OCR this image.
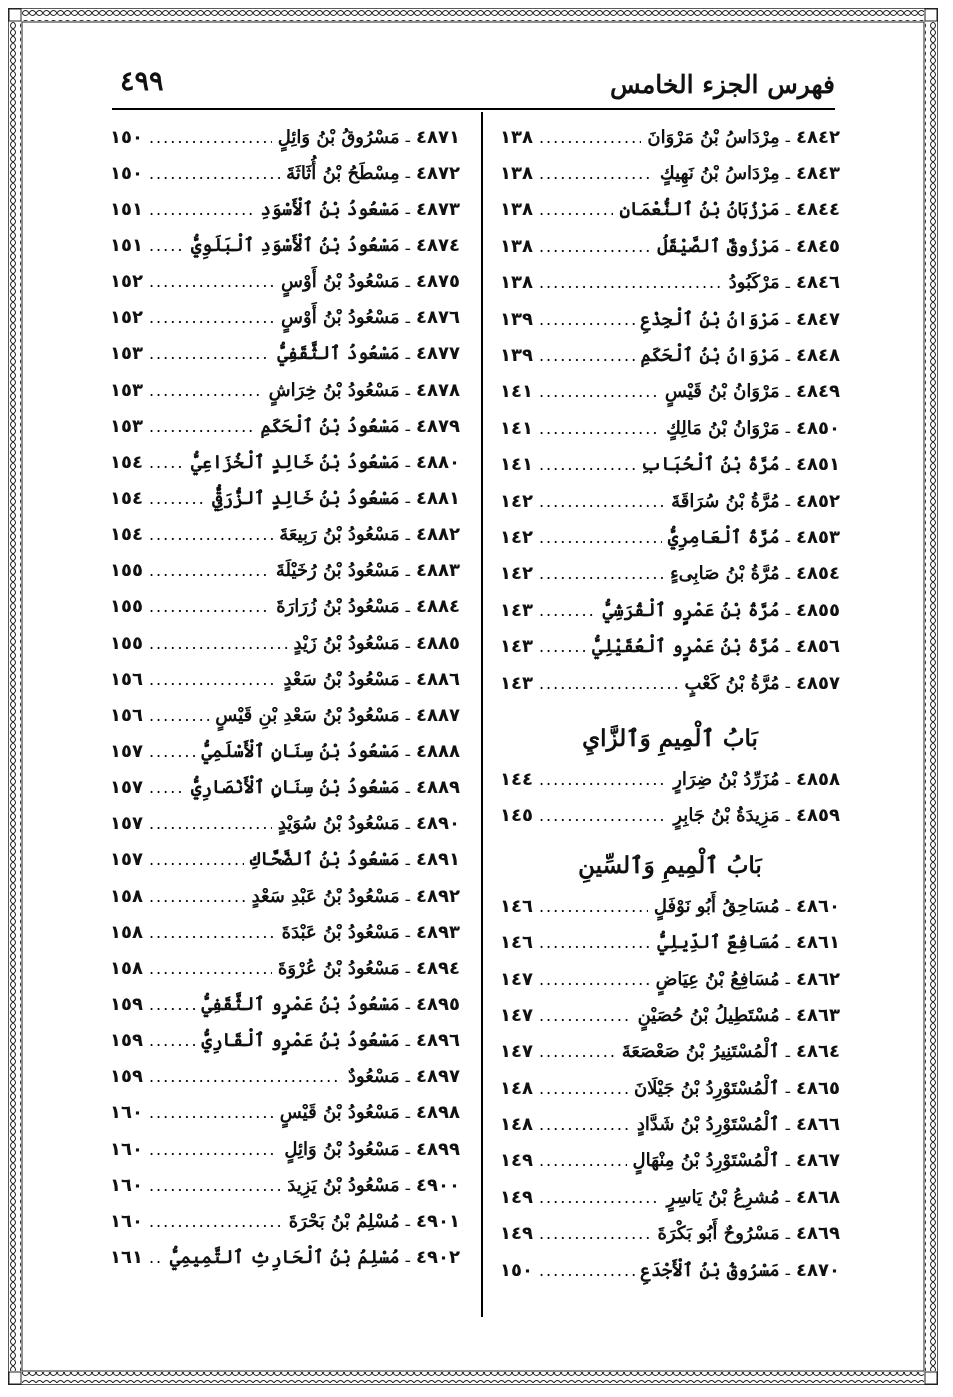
فهرس الجزء الخامس
٤٩٩
٤٨٤٢
ـ
مِرْدَاسُ بْنُ مَرْوَانَ
.....
١٣٨
٤٨٤٣
ـ
مِرْدَاسُ بْنُ نَهِيكٍ
.....
١٣٨
٤٨٤٤
ـ
مَرْزُبَانُ بْنُ ٱلنُّعْمَانِ
.....
١٣٨
٤٨٤٥
ـ
مَرْزُوقٌ ٱلصَّيْقَلُ
.....
١٣٨
٤٨٤٦
ـ
مَرْكَبُودُ
.....
١٣٨
٤٨٤٧
ـ
مَرْوَانُ بْنُ ٱلْجِذْعِ
.....
١٣٩
٤٨٤٨
ـ
مَرْوَانُ بْنُ ٱلْحَكَمِ
.....
١٣٩
٤٨٤٩
ـ
مَرْوَانُ بْنُ قَيْسٍ
.....
١٤١
٤٨٥٠
ـ
مَرْوَانُ بْنُ مَالِكٍ
.....
١٤١
٤٨٥١
ـ
مُرَّةُ بْنُ ٱلْحُبَابِ
.....
١٤١
٤٨٥٢
ـ
مُرَّةُ بْنُ سُرَاقَةَ
.....
١٤٢
٤٨٥٣
ـ
مُرَّةُ ٱلْعَامِرِيُّ
.....
١٤٢
٤٨٥٤
ـ
مُرَّةُ بْنُ صَابِىءٍ
.....
١٤٢
٤٨٥٥
ـ
مُرَّةُ بْنُ عَمْرٍو ٱلْقُرَشِيُّ
.....
١٤٣
٤٨٥٦
ـ
مُرَّةُ بْنُ عَمْرٍو ٱلْعُقَيْلِيُّ
.....
١٤٣
٤٨٥٧
ـ
مُرَّةُ بْنُ كَعْبٍ
.....
١٤٣
بَابُ ٱلْمِيمِ وَٱلزَّايِ
٤٨٥٨
ـ
مُزَرِّدُ بْنُ ضِرَارٍ
.....
١٤٤
٤٨٥٩
ـ
مَزِيدَةُ بْنُ جَابِرٍ
.....
١٤٥
بَابُ ٱلْمِيمِ وَٱلسِّينِ
٤٨٦٠
ـ
مُسَاحِقُ أَبُو نَوْفَلٍ
.....
١٤٦
٤٨٦١
ـ
مُسَافِعٌ ٱلدِّيلِيُّ
.....
١٤٦
٤٨٦٢
ـ
مُسَافِعُ بْنُ عِيَاضٍ
.....
١٤٧
٤٨٦٣
ـ
مُسْتَطِيلُ بْنُ حُصَيْنٍ
.....
١٤٧
٤٨٦٤
ـ
ٱلْمُسْتَنِيرُ بْنُ صَعْصَعَةَ
.....
١٤٧
٤٨٦٥
ـ
ٱلْمُسْتَوْرِدُ بْنُ جَيْلَانَ
.....
١٤٨
٤٨٦٦
ـ
ٱلْمُسْتَوْرِدُ بْنُ شَدَّادٍ
.....
١٤٨
٤٨٦٧
ـ
ٱلْمُسْتَوْرِدُ بْنُ مِنْهَالٍ
.....
١٤٩
٤٨٦٨
ـ
مُشرِعُ بْنُ يَاسِرٍ
.....
١٤٩
٤٨٦٩
ـ
مَسْرُوحٌ أَبُو بَكْرَةَ
.....
١٤٩
٤٨٧٠
ـ
مَسْرُوقُ بْنُ ٱلْأَجْدَعِ
.....
١٥٠
٤٨٧١
ـ
مَسْرُوقُ بْنُ وَائِلٍ
.....
١٥٠
٤٨٧٢
ـ
مِسْطَحُ بْنُ أُثَاثَةَ
.....
١٥٠
٤٨٧٣
ـ
مَسْعُودُ بْنُ ٱلْأَسْوَدِ
.....
١٥١
٤٨٧٤
ـ
مَسْعُودُ بْنُ ٱلْأَسْوَدِ ٱلْبَلَوِيُّ
.....
١٥١
٤٨٧٥
ـ
مَسْعُودُ بْنُ أَوْسٍ
.....
١٥٢
٤٨٧٦
ـ
مَسْعُودُ بْنُ أَوْسٍ
.....
١٥٢
٤٨٧٧
ـ
مَسْعُودُ ٱلثَّقَفِيُّ
.....
١٥٣
٤٨٧٨
ـ
مَسْعُودُ بْنُ خِرَاشٍ
.....
١٥٣
٤٨٧٩
ـ
مَسْعُودُ بْنُ ٱلْحَكَمِ
.....
١٥٣
٤٨٨٠
ـ
مَسْعُودُ بْنُ خَالِدٍ ٱلْخُزَاعِيُّ
.....
١٥٤
٤٨٨١
ـ
مَسْعُودُ بْنُ خَالِدٍ ٱلزُّرَقِيُّ
.....
١٥٤
٤٨٨٢
ـ
مَسْعُودُ بْنُ رَبِيعَةَ
.....
١٥٤
٤٨٨٣
ـ
مَسْعُودُ بْنُ رُخَيْلَةَ
.....
١٥٥
٤٨٨٤
ـ
مَسْعُودُ بْنُ زُرَارَةَ
.....
١٥٥
٤٨٨٥
ـ
مَسْعُودُ بْنُ زَيْدٍ
.....
١٥٥
٤٨٨٦
ـ
مَسْعُودُ بْنُ سَعْدٍ
.....
١٥٦
٤٨٨٧
ـ
مَسْعُودُ بْنُ سَعْدِ بْنِ قَيْسٍ
.....
١٥٦
٤٨٨٨
ـ
مَسْعُودُ بْنُ سِنَانٍ ٱلْأَسْلَمِيُّ
.....
١٥٧
٤٨٨٩
ـ
مَسْعُودُ بْنُ سِنَانٍ ٱلْأَنْصَارِيُّ
.....
١٥٧
٤٨٩٠
ـ
مَسْعُودُ بْنُ سُوَيْدٍ
.....
١٥٧
٤٨٩١
ـ
مَسْعُودُ بْنُ ٱلضَّحَّاكِ
.....
١٥٧
٤٨٩٢
ـ
مَسْعُودُ بْنُ عَبْدِ سَعْدٍ
.....
١٥٨
٤٨٩٣
ـ
مَسْعُودُ بْنُ عَبْدَةَ
.....
١٥٨
٤٨٩٤
ـ
مَسْعُودُ بْنُ عُرْوَةَ
.....
١٥٨
٤٨٩٥
ـ
مَسْعُودُ بْنُ عَمْرٍو ٱلثَّقَفِيُّ
.....
١٥٩
٤٨٩٦
ـ
مَسْعُودُ بْنُ عَمْرٍو ٱلْقَارِيُّ
.....
١٥٩
٤٨٩٧
ـ
مَسْعُودٌ
.....
١٥٩
٤٨٩٨
ـ
مَسْعُودُ بْنُ قَيْسٍ
.....
١٦٠
٤٨٩٩
ـ
مَسْعُودُ بْنُ وَائِلٍ
.....
١٦٠
٤٩٠٠
ـ
مَسْعُودُ بْنُ يَزِيدَ
.....
١٦٠
٤٩٠١
ـ
مُسْلِمُ بْنُ بَحْرَةَ
.....
١٦٠
٤٩٠٢
ـ
مُسْلِمُ بْنُ ٱلْحَارِثِ ٱلتَّمِيمِيُّ
.....
١٦١
